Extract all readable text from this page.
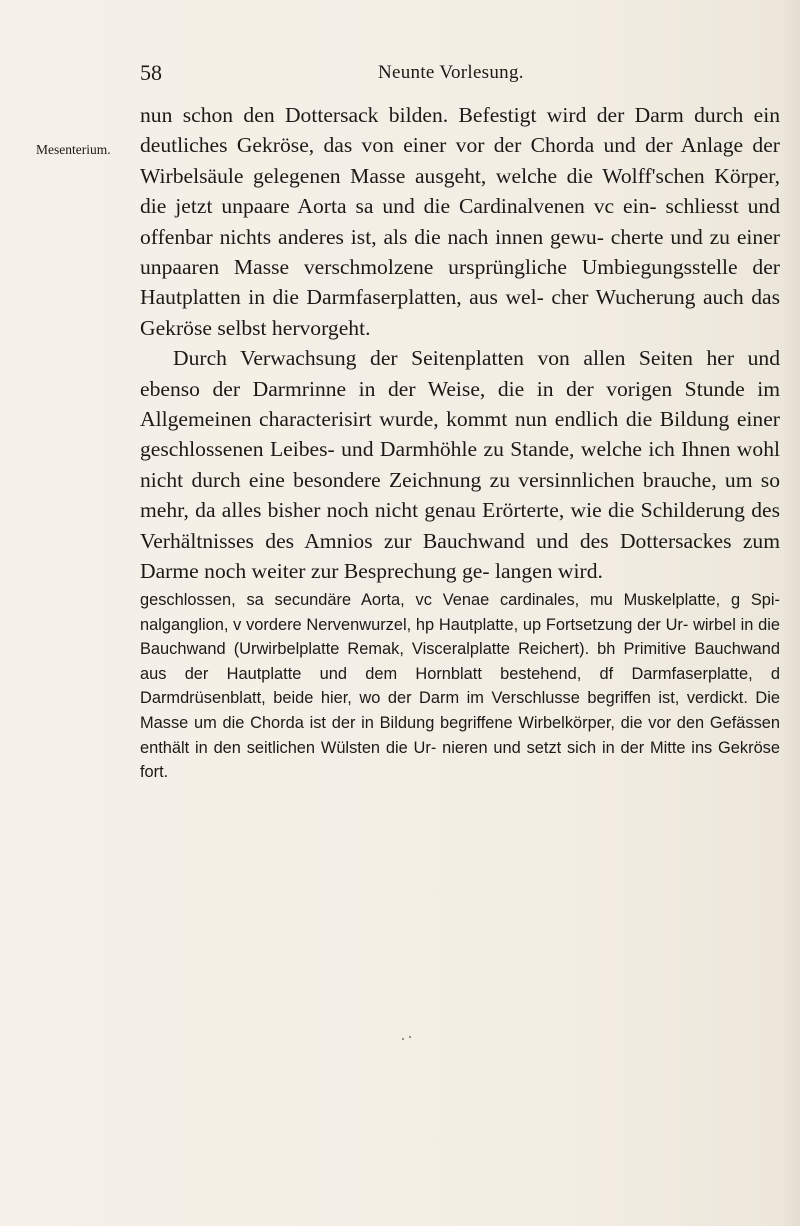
58	Neunte Vorlesung.
Mesenterium.

nun schon den Dottersack bilden. Befestigt wird der Darm durch ein deutliches Gekröse, das von einer vor der Chorda und der Anlage der Wirbelsäule gelegenen Masse ausgeht, welche die Wolff'schen Körper, die jetzt unpaare Aorta sa und die Cardinalvenen vc ein- schliesst und offenbar nichts anderes ist, als die nach innen gewu- cherte und zu einer unpaaren Masse verschmolzene ursprüngliche Umbiegungsstelle der Hautplatten in die Darmfaserplatten, aus wel- cher Wucherung auch das Gekröse selbst hervorgeht.

Durch Verwachsung der Seitenplatten von allen Seiten her und ebenso der Darmrinne in der Weise, die in der vorigen Stunde im Allgemeinen characterisirt wurde, kommt nun endlich die Bildung einer geschlossenen Leibes- und Darmhöhle zu Stande, welche ich Ihnen wohl nicht durch eine besondere Zeichnung zu versinnlichen brauche, um so mehr, da alles bisher noch nicht genau Erörterte, wie die Schilderung des Verhältnisses des Amnios zur Bauchwand und des Dottersackes zum Darme noch weiter zur Besprechung ge- langen wird.

geschlossen, sa secundäre Aorta, vc Venae cardinales, mu Muskelplatte, g Spi- nalganglion, v vordere Nervenwurzel, hp Hautplatte, up Fortsetzung der Ur- wirbel in die Bauchwand (Urwirbelplatte Remak, Visceralplatte Reichert). bh Primitive Bauchwand aus der Hautplatte und dem Hornblatt bestehend, df Darmfaserplatte, d Darmdrüsenblatt, beide hier, wo der Darm im Verschlusse begriffen ist, verdickt. Die Masse um die Chorda ist der in Bildung begriffene Wirbelkörper, die vor den Gefässen enthält in den seitlichen Wülsten die Ur- nieren und setzt sich in der Mitte ins Gekröse fort.
